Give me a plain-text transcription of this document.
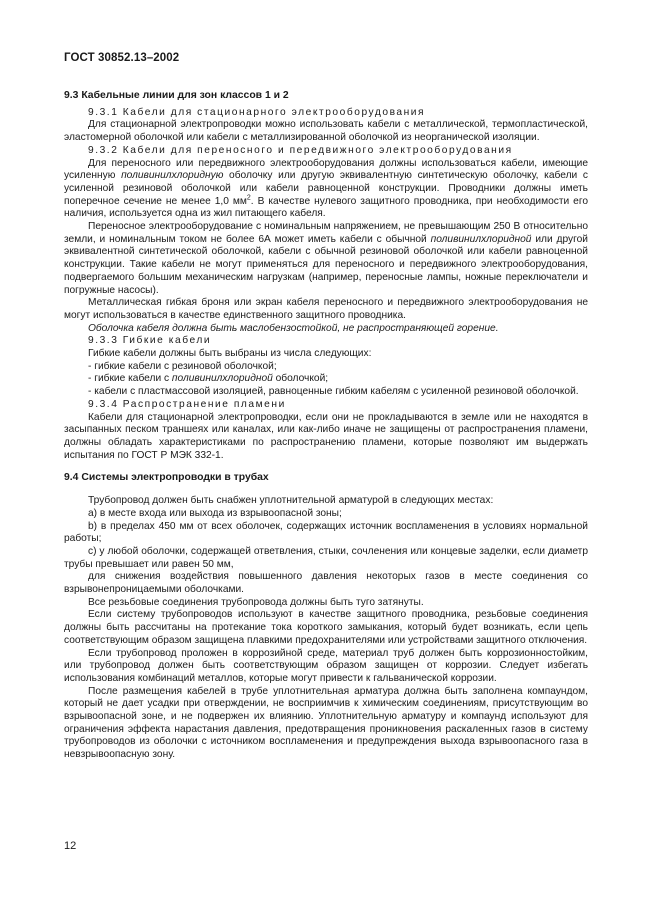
ГОСТ 30852.13–2002
9.3 Кабельные линии для зон классов 1 и 2
9.3.1 Кабели для стационарного электрооборудования

Для стационарной электропроводки можно использовать кабели с металлической, термопластической, эластомерной оболочкой или кабели с металлизированной оболочкой из неорганической изоляции.

9.3.2 Кабели для переносного и передвижного электрооборудования

Для переносного или передвижного электрооборудования должны использоваться кабели, имеющие усиленную поливинилхлоридную оболочку или другую эквивалентную синтетическую оболочку, кабели с усиленной резиновой оболочкой или кабели равноценной конструкции. Проводники должны иметь поперечное сечение не менее 1,0 $мм^2$. В качестве нулевого защитного проводника, при необходимости его наличия, используется одна из жил питающего кабеля.

Переносное электрооборудование с номинальным напряжением, не превышающим 250 В относительно земли, и номинальным током не более 6А может иметь кабели с обычной поливинилхлоридной или другой эквивалентной синтетической оболочкой, кабели с обычной резиновой оболочкой или кабели равноценной конструкции. Такие кабели не могут применяться для переносного и передвижного электрооборудования, подвергаемого большим механическим нагрузкам (например, переносные лампы, ножные переключатели и погружные насосы).

Металлическая гибкая броня или экран кабеля переносного и передвижного электрооборудования не могут использоваться в качестве единственного защитного проводника.

Оболочка кабеля должна быть маслобензостойкой, не распространяющей горение.

9.3.3 Гибкие кабели

Гибкие кабели должны быть выбраны из числа следующих:

- гибкие кабели с резиновой оболочкой;

- гибкие кабели с поливинилхлоридной оболочкой;

- кабели с пластмассовой изоляцией, равноценные гибким кабелям с усиленной резиновой оболочкой.

9.3.4 Распространение пламени

Кабели для стационарной электропроводки, если они не прокладываются в земле или не находятся в засыпанных песком траншеях или каналах, или как-либо иначе не защищены от распространения пламени, должны обладать характеристиками по распространению пламени, которые позволяют им выдержать испытания по ГОСТ Р МЭК 332-1.

9.4 Системы электропроводки в трубах

Трубопровод должен быть снабжен уплотнительной арматурой в следующих местах:

а) в месте входа или выхода из взрывоопасной зоны;

b) в пределах 450 мм от всех оболочек, содержащих источник воспламенения в условиях нормальной работы;

с) у любой оболочки, содержащей ответвления, стыки, сочленения или концевые заделки, если диаметр трубы превышает или равен 50 мм,

для снижения воздействия повышенного давления некоторых газов в месте соединения со взрывонепроницаемыми оболочками.

Все резьбовые соединения трубопровода должны быть туго затянуты.

Если систему трубопроводов используют в качестве защитного проводника, резьбовые соединения должны быть рассчитаны на протекание тока короткого замыкания, который будет возникать, если цепь соответствующим образом защищена плавкими предохранителями или устройствами защитного отключения.

Если трубопровод проложен в коррозийной среде, материал труб должен быть коррозионностойким, или трубопровод должен быть соответствующим образом защищен от коррозии. Следует избегать использования комбинаций металлов, которые могут привести к гальванической коррозии.

После размещения кабелей в трубе уплотнительная арматура должна быть заполнена компаундом, который не дает усадки при отверждении, не восприимчив к химическим соединениям, присутствующим во взрывоопасной зоне, и не подвержен их влиянию. Уплотнительную арматуру и компаунд используют для ограничения эффекта нарастания давления, предотвращения проникновения раскаленных газов в систему трубопроводов из оболочки с источником воспламенения и предупреждения выхода взрывоопасного газа в невзрывоопасную зону.

12
